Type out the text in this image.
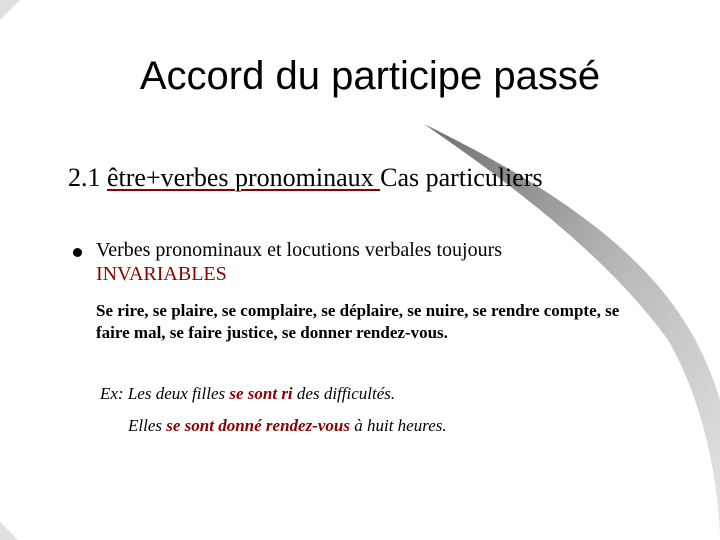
Accord du participe passé
2.1 être+verbes pronominaux Cas particuliers
Verbes pronominaux et locutions verbales toujours
INVARIABLES
Se rire, se plaire, se complaire, se déplaire, se nuire, se rendre compte, se faire mal, se faire justice, se donner rendez-vous.
Ex: Les deux filles se sont ri des difficultés.
Elles se sont donné rendez-vous à huit heures.
